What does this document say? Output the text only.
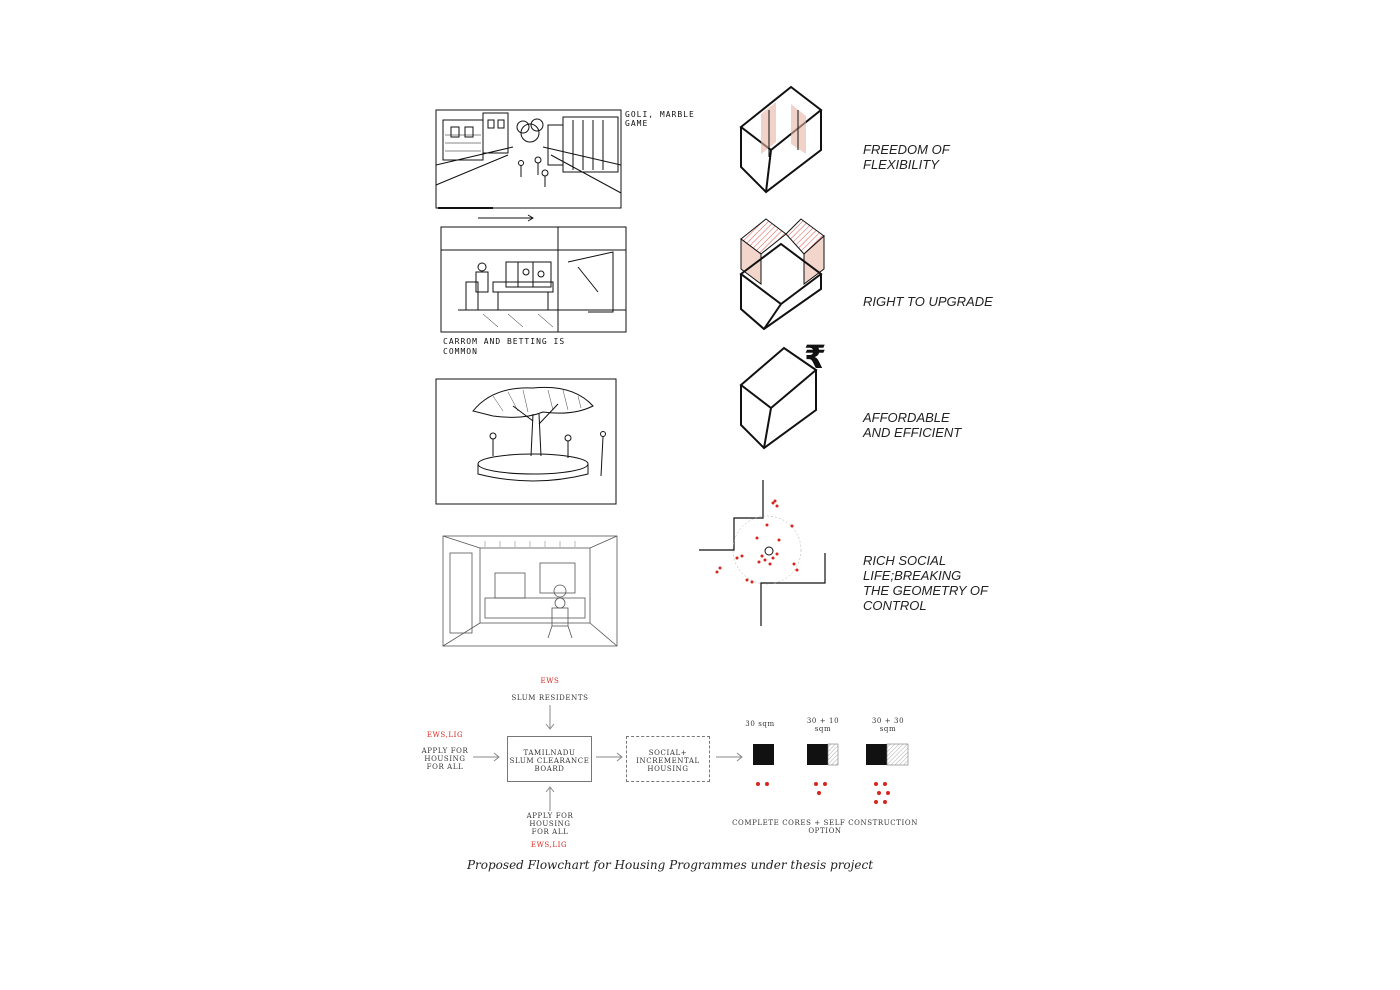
GOLI, MARBLE
GAME
CARROM AND BETTING IS
COMMON	₹
FREEDOM OF
FLEXIBILITY
RIGHT TO UPGRADE
AFFORDABLE
AND EFFICIENT
RICH SOCIAL
LIFE;BREAKING
THE GEOMETRY OF
CONTROL
EWS
SLUM RESIDENTS
EWS,LIG
APPLY FOR
HOUSING
FOR ALL
TAMILNADU
SLUM CLEARANCE
BOARD
SOCIAL+
INCREMENTAL
HOUSING
APPLY FOR
HOUSING
FOR ALL
EWS,LIG
30 sqm	30 + 10
sqm
30 + 30
COMPLETE CORES + SELF CONSTRUCTION
OPTION
sqm
Proposed Flowchart for Housing Programmes under thesis project
